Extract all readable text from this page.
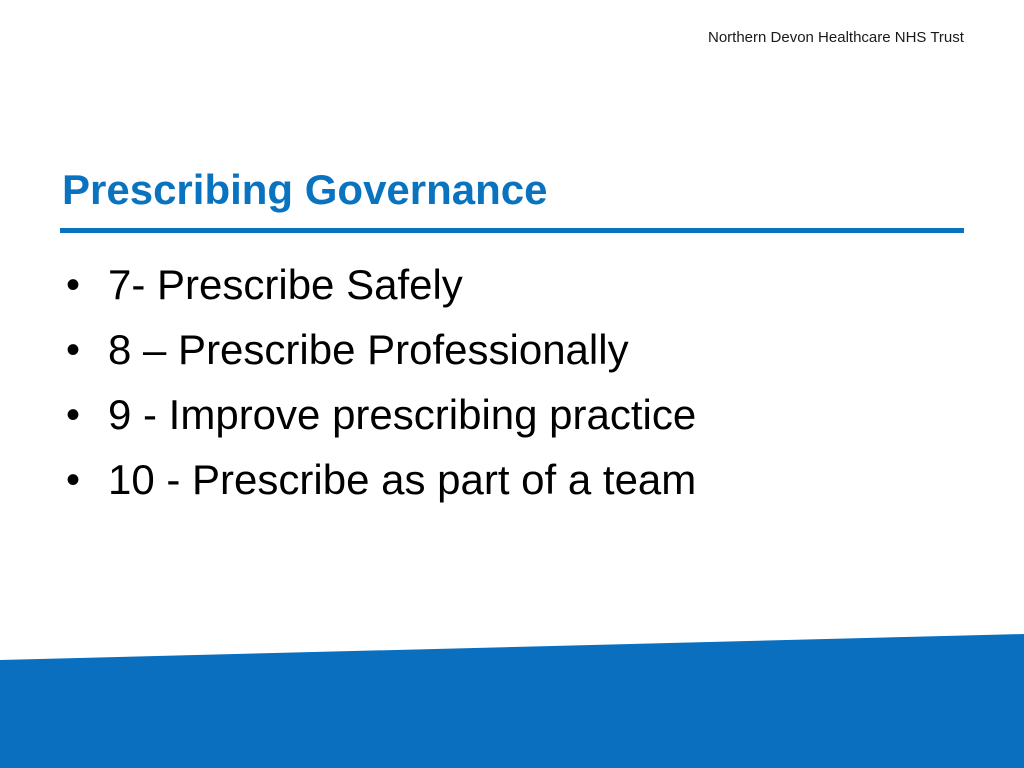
Northern Devon Healthcare NHS Trust
Prescribing Governance
• 7- Prescribe Safely
• 8 – Prescribe Professionally
• 9 - Improve prescribing practice
• 10 - Prescribe as part of a team
